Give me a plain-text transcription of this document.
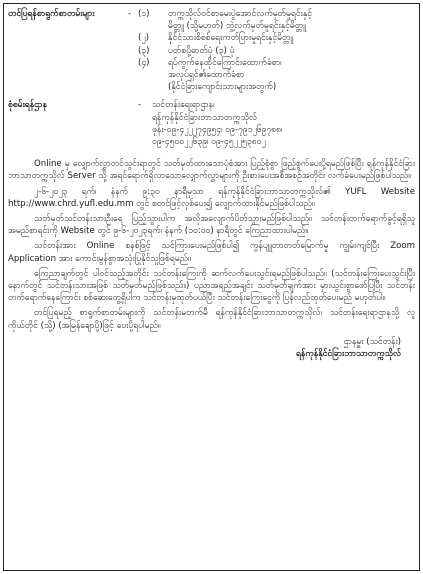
တင်ပြရန်စာရွက်စာတမ်းများ	(၁)	တက္ကသိုလ်ဝင်စာမေးပွဲအောင်လက်မှတ်မူရင်းနှင့်
မိတ္တူ (သို့မဟုတ်) ဘွဲ့လက်မှတ်မူရင်းနှင့်မိတ္တူ
(၂)	နိုင်ငံသားစိစစ်ရေးကတ်ပြားမူရင်းနှင့်မိတ္တူ
(၃)	ပတ်စပို့ဓာတ်ပုံ (၃) ပုံ
(၄)	ရပ်ကွက်နေထိုင်ကြောင်းထောက်ခံစာ၊
အလုပ်ရှင်၏ထောက်ခံစာ
(နိုင်ငံခြားကျောင်းသားများအတွက်)
-
စုံစမ်းရန်ဌာန	-	သင်တန်းရေးရာဌာန၊
ရန်ကုန်နိုင်ငံခြားဘာသာတက္ကသိုလ်
ဖုန်း-၀၉-၄၂၂၂၇၄၉၅၄၊ ၀၉-၇၉၁၂၆၉၇၈၈၊
၀၉-၄၅၀၀၂၂၆၃၉၊ ၀၉-၄၅၂၂၅၃၈၀၂

Online မှ လျှောက်လွှာတင်သွင်းရာတွင် သတ်မှတ်ထားသောပုံစံအား ပြည့်စုံစွာ ဖြည့်စွက်ပေးပို့ရမည်ဖြစ်ပြီး ရန်ကုန်နိုင်ငံခြားဘာသာတက္ကသိုလ် Server သို့ အရင်ရောက်ရှိလာသောလျှောက်လွှာများကို ဦးစားပေးအစီအစဉ်အတိုင်း လက်ခံပေးမည်ဖြစ်ပါသည်။

၂-၆-၂၀၂၃ ရက်၊ နံနက် ၉:၃၀ နာရီမှသာ ရန်ကုန်နိုင်ငံခြားဘာသာတက္ကသိုလ်၏ YUFL Website http://www.chrd.yufl.edu.mm တွင် စတင်ဖြင့်လှစ်ပေး၍ လျှောက်ထားနိုင်မည်ဖြစ်ပါသည်။

သတ်မှတ်သင်တန်းသားဦးရေ ပြည့်သွားပါက အလိုအလျောက်ပိတ်သွားမည်ဖြစ်ပါသည်။ သင်တန်းတက်ရောက်ခွင့်ရရှိသူအမည်စာရင်းကို Website တွင် ၉-၆-၂၀၂၃ရက်၊ နံနက် (၁၀:၀၀) နာရီတွင် ကြေညာထားပါမည်။

သင်တန်းအား Online စနစ်ဖြင့် သင်ကြားပေးမည်ဖြစ်ပါ၍ ကွန်ပျူတာတတ်မြောက်မှု ကျွမ်းကျင်ပြီး Zoom Application အား ကောင်းမွန်စွာအသုံးပြုနိုင်သူဖြစ်ရမည်။

ကြေညာချက်တွင် ပါဝင်သည့်အတိုင်း သင်တန်းကြေးကို ဆက်လက်ပေးသွင်းရမည်ဖြစ်ပါသည်။ (သင်တန်းကြေးပေးသွင်းပြီးနောက်တွင် သင်တန်းသားအဖြစ် သတ်မှတ်မည်ဖြစ်သည်။) ပညာအရည်အချင်း သတ်မှတ်ချက်အား မှားယွင်းစွာဖော်ပြပြီး သင်တန်းတက်ရောက်နေကြောင်း စစ်ဆေးတွေ့ရှိပါက သင်တန်းမှထုတ်ပယ်ပြီး သင်တန်းကြေးငွေကို ပြန်လည်ထုတ်ပေးမည် မဟုတ်ပါ။

တင်ပြရမည့် စာရွက်စာတမ်းများကို သင်တန်းမတက်မီ ရန်ကုန်နိုင်ငံခြားဘာသာတက္ကသိုလ်၊ သင်တန်းရေးရာဌာနသို့ လူကိုယ်တိုင် (သို့) (အမြန်ချောပို့)ဖြင့် ပေးပို့ရပါမည်။

ဌာနမှူး (သင်တန်း)
ရန်ကုန်နိုင်ငံခြားဘာသာတက္ကသိုလ်
